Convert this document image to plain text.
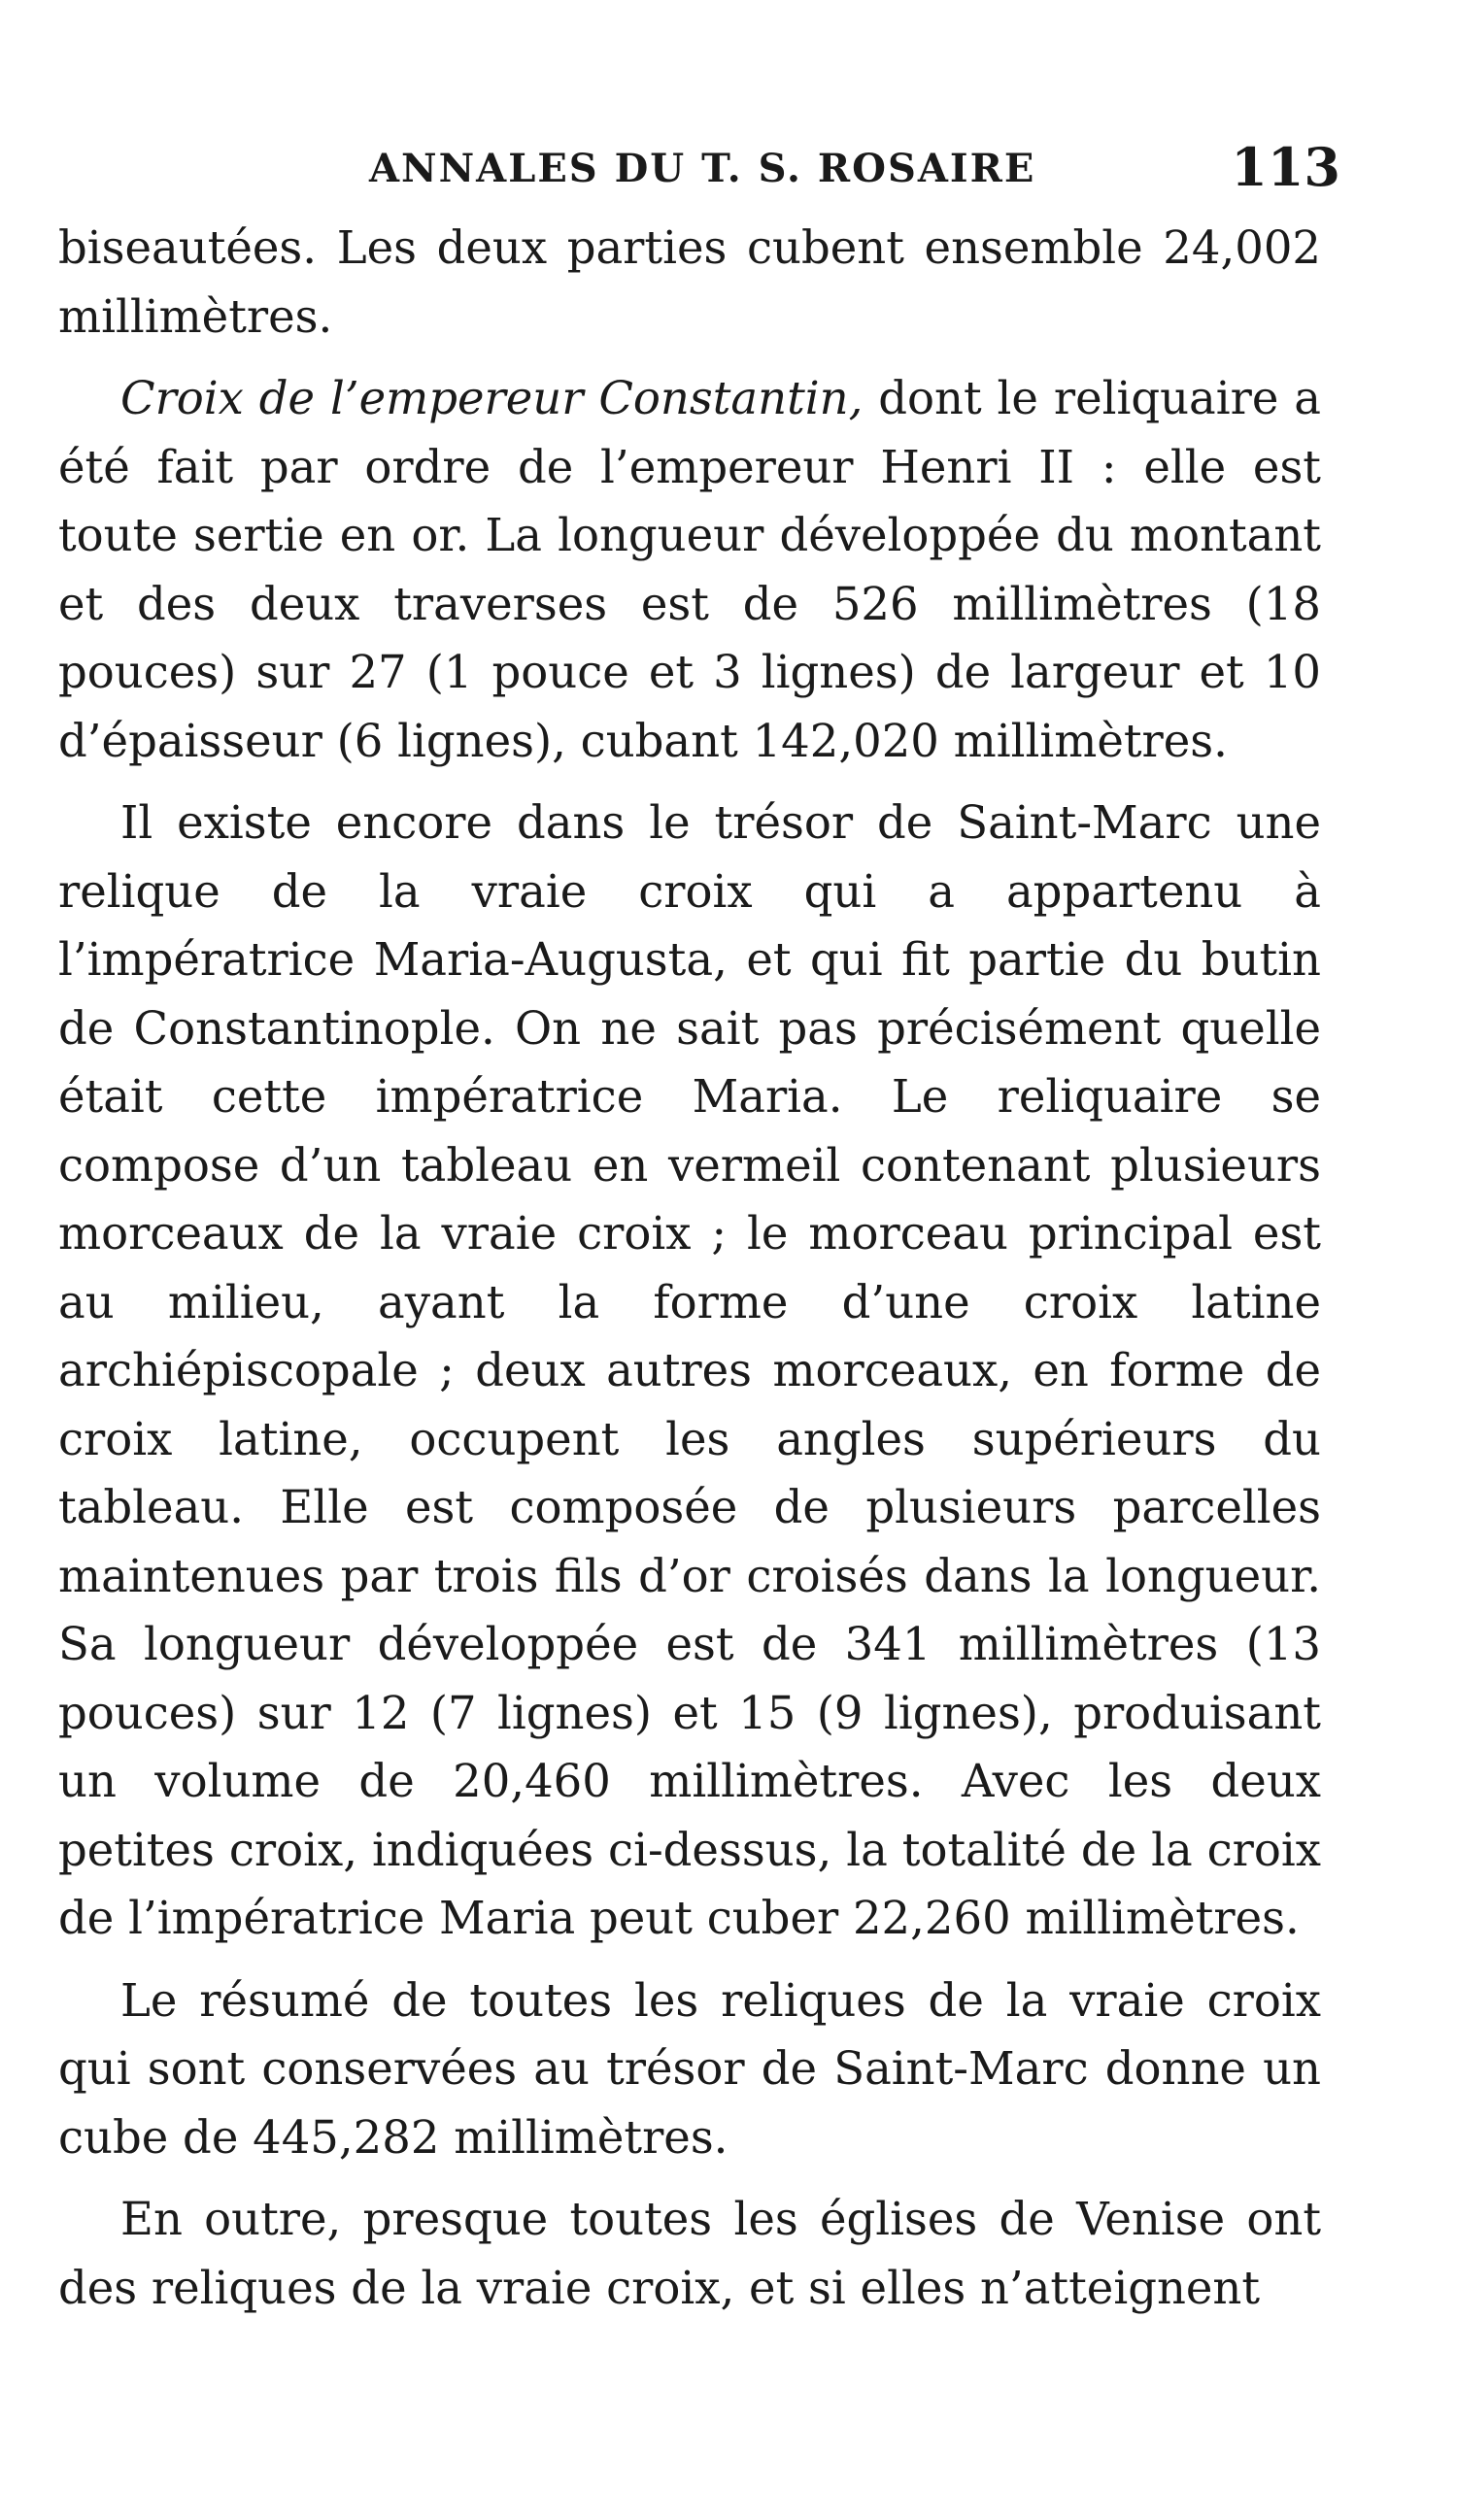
ANNALES DU T. S. ROSAIRE	113

biseautées. Les deux parties cubent ensemble 24,002 millimètres.

Croix de l’empereur Constantin, dont le reliquaire a été fait par ordre de l’empereur Henri II : elle est toute sertie en or. La longueur développée du montant et des deux traverses est de 526 millimètres (18 pouces) sur 27 (1 pouce et 3 lignes) de largeur et 10 d’épaisseur (6 lignes), cubant 142,020 millimètres.

Il existe encore dans le trésor de Saint-Marc une relique de la vraie croix qui a appartenu à l’impératrice Maria-Augusta, et qui fit partie du butin de Constantinople. On ne sait pas précisément quelle était cette impératrice Maria. Le reliquaire se compose d’un tableau en vermeil contenant plusieurs morceaux de la vraie croix ; le morceau principal est au milieu, ayant la forme d’une croix latine archiépiscopale ; deux autres morceaux, en forme de croix latine, occupent les angles supérieurs du tableau. Elle est composée de plusieurs parcelles maintenues par trois fils d’or croisés dans la longueur. Sa longueur développée est de 341 millimètres (13 pouces) sur 12 (7 lignes) et 15 (9 lignes), produisant un volume de 20,460 millimètres. Avec les deux petites croix, indiquées ci-dessus, la totalité de la croix de l’impératrice Maria peut cuber 22,260 millimètres.

Le résumé de toutes les reliques de la vraie croix qui sont conservées au trésor de Saint-Marc donne un cube de 445,282 millimètres.

En outre, presque toutes les églises de Venise ont des reliques de la vraie croix, et si elles n’atteignent
